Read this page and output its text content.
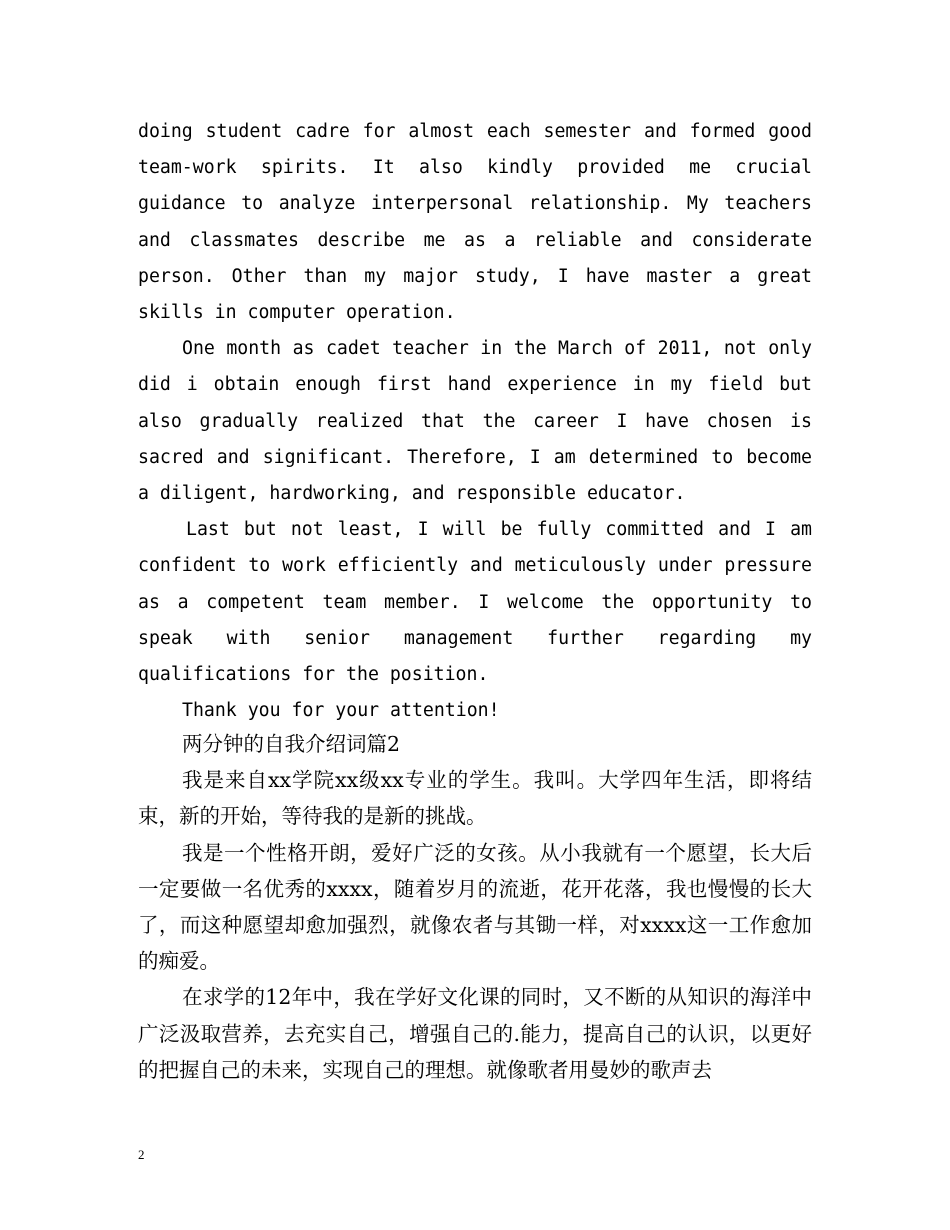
doing student cadre for almost each semester and formed good team-work spirits. It also kindly provided me crucial guidance to analyze interpersonal relationship. My teachers and classmates describe me as a reliable and considerate person. Other than my major study, I have master a great skills in computer operation.

One month as cadet teacher in the March of 2011, not only did i obtain enough first hand experience in my field but also gradually realized that the career I have chosen is sacred and significant. Therefore, I am determined to become a diligent, hardworking, and responsible educator.

Last but not least, I will be fully committed and I am confident to work efficiently and meticulously under pressure as a competent team member. I welcome the opportunity to speak with senior management further regarding my qualifications for the position.

Thank you for your attention!

两分钟的自我介绍词篇2

我是来自xx学院xx级xx专业的学生。我叫。大学四年生活，即将结束，新的开始，等待我的是新的挑战。

我是一个性格开朗，爱好广泛的女孩。从小我就有一个愿望，长大后一定要做一名优秀的xxxx，随着岁月的流逝，花开花落，我也慢慢的长大了，而这种愿望却愈加强烈，就像农者与其锄一样，对xxxx这一工作愈加的痴爱。

在求学的12年中，我在学好文化课的同时，又不断的从知识的海洋中广泛汲取营养，去充实自己，增强自己的.能力，提高自己的认识，以更好的把握自己的未来，实现自己的理想。就像歌者用曼妙的歌声去

2
